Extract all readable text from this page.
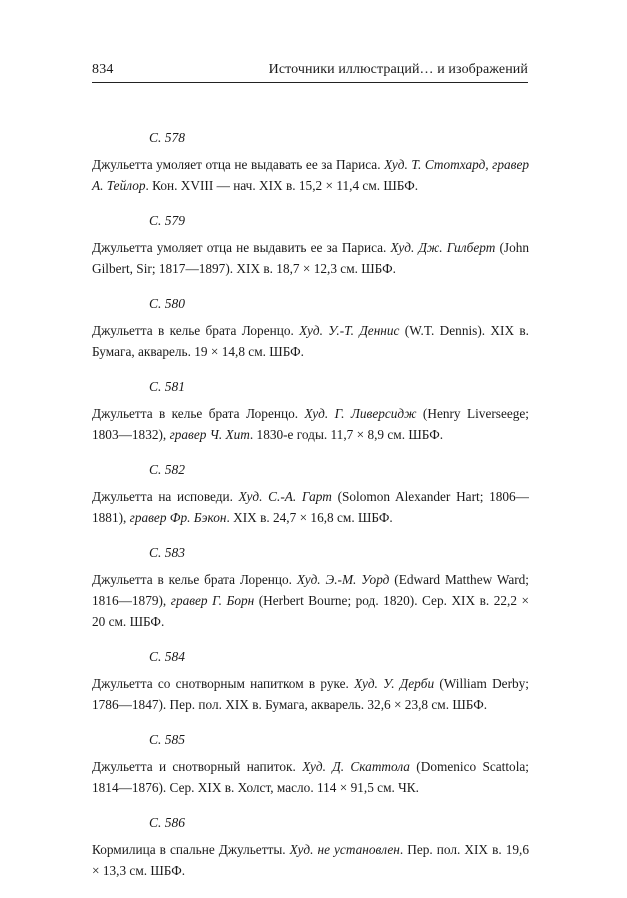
834	Источники иллюстраций… и изображений
С. 578

Джульетта умоляет отца не выдавать ее за Париса. Худ. Т. Стотхард, гравер А. Тейлор. Кон. XVIII — нач. XIX в. 15,2 × 11,4 см. ШБФ.

С. 579

Джульетта умоляет отца не выдавить ее за Париса. Худ. Дж. Гилберт (John Gilbert, Sir; 1817—1897). XIX в. 18,7 × 12,3 см. ШБФ.

С. 580

Джульетта в келье брата Лоренцо. Худ. У.-Т. Деннис (W.T. Dennis). XIX в. Бумага, акварель. 19 × 14,8 см. ШБФ.

С. 581

Джульетта в келье брата Лоренцо. Худ. Г. Ливерсидж (Henry Liverseege; 1803—1832), гравер Ч. Хит. 1830-е годы. 11,7 × 8,9 см. ШБФ.

С. 582

Джульетта на исповеди. Худ. С.-А. Гарт (Solomon Alexander Hart; 1806—1881), гравер Фр. Бэкон. XIX в. 24,7 × 16,8 см. ШБФ.

С. 583

Джульетта в келье брата Лоренцо. Худ. Э.-М. Уорд (Edward Matthew Ward; 1816—1879), гравер Г. Борн (Herbert Bourne; род. 1820). Сер. XIX в. 22,2 × 20 см. ШБФ.

С. 584

Джульетта со снотворным напитком в руке. Худ. У. Дерби (William Derby; 1786—1847). Пер. пол. XIX в. Бумага, акварель. 32,6 × 23,8 см. ШБФ.

С. 585

Джульетта и снотворный напиток. Худ. Д. Скаттола (Domenico Scattola; 1814—1876). Сер. XIX в. Холст, масло. 114 × 91,5 см. ЧК.

С. 586

Кормилица в спальне Джульетты. Худ. не установлен. Пер. пол. XIX в. 19,6 × 13,3 см. ШБФ.
